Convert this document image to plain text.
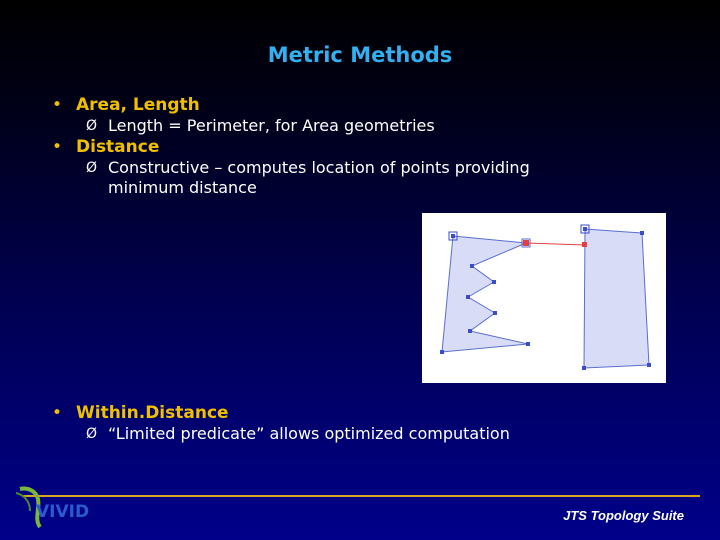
Metric Methods
• Area, Length
Ø Length = Perimeter, for Area geometries
• Distance
Ø Constructive – computes location of points providing minimum distance
• Within.Distance
Ø “Limited predicate” allows optimized computation
VIVID	JTS Topology Suite
